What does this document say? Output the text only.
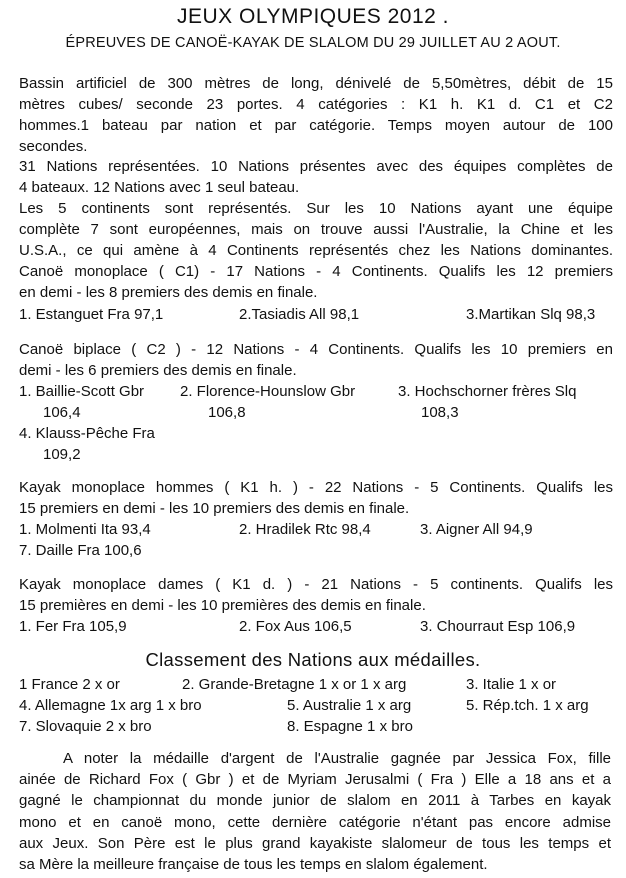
JEUX OLYMPIQUES 2012 .
ÉPREUVES DE CANOË-KAYAK DE SLALOM DU 29 JUILLET AU 2 AOUT.
Bassin artificiel de 300 mètres de long, dénivelé de 5,50mètres, débit de 15
mètres cubes/ seconde 23 portes. 4 catégories : K1 h. K1 d. C1 et C2
hommes.1 bateau par nation et par catégorie. Temps moyen autour de 100
secondes.
31 Nations représentées. 10 Nations présentes avec des équipes complètes de
4 bateaux. 12 Nations avec 1 seul bateau.
Les 5 continents sont représentés. Sur les 10 Nations ayant une équipe
complète 7 sont européennes, mais on trouve aussi l'Australie, la Chine et les
U.S.A., ce qui amène à 4 Continents représentés chez les Nations dominantes.
Canoë monoplace ( C1) - 17 Nations - 4 Continents. Qualifs les 12 premiers
en demi - les 8 premiers des demis en finale.
1. Estanguet Fra 97,1	2.Tasiadis All 98,1	3.Martikan Slq 98,3
Canoë biplace ( C2 ) - 12 Nations - 4 Continents. Qualifs les 10 premiers en
demi - les 6 premiers des demis en finale.
1. Baillie-Scott Gbr
106,4
2. Florence-Hounslow Gbr
106,8
3. Hochschorner frères Slq
108,3
4. Klauss-Pêche Fra
109,2
Kayak monoplace hommes ( K1 h. ) - 22 Nations - 5 Continents. Qualifs les
15 premiers en demi - les 10 premiers des demis en finale.
1. Molmenti Ita 93,4	2. Hradilek Rtc 98,4	3. Aigner All 94,9
7. Daille Fra 100,6
Kayak monoplace dames ( K1 d. ) - 21 Nations - 5 continents. Qualifs les
15 premières en demi - les 10 premières des demis en finale.
1. Fer Fra 105,9	2. Fox Aus 106,5	3. Chourraut Esp 106,9
Classement des Nations aux médailles.
1 France 2 x or	2. Grande-Bretagne 1 x or 1 x arg	3. Italie 1 x or
4. Allemagne 1x arg 1 x bro	5. Australie 1 x arg	5. Rép.tch. 1 x arg
7. Slovaquie 2 x bro	8. Espagne 1 x bro
A noter la médaille d'argent de l'Australie gagnée par Jessica Fox, fille
ainée de Richard Fox ( Gbr ) et de Myriam Jerusalmi ( Fra ) Elle a 18 ans et a
gagné le championnat du monde junior de slalom en 2011 à Tarbes en kayak
mono et en canoë mono, cette dernière catégorie n'étant pas encore admise
aux Jeux. Son Père est le plus grand kayakiste slalomeur de tous les temps et
sa Mère la meilleure française de tous les temps en slalom également.
